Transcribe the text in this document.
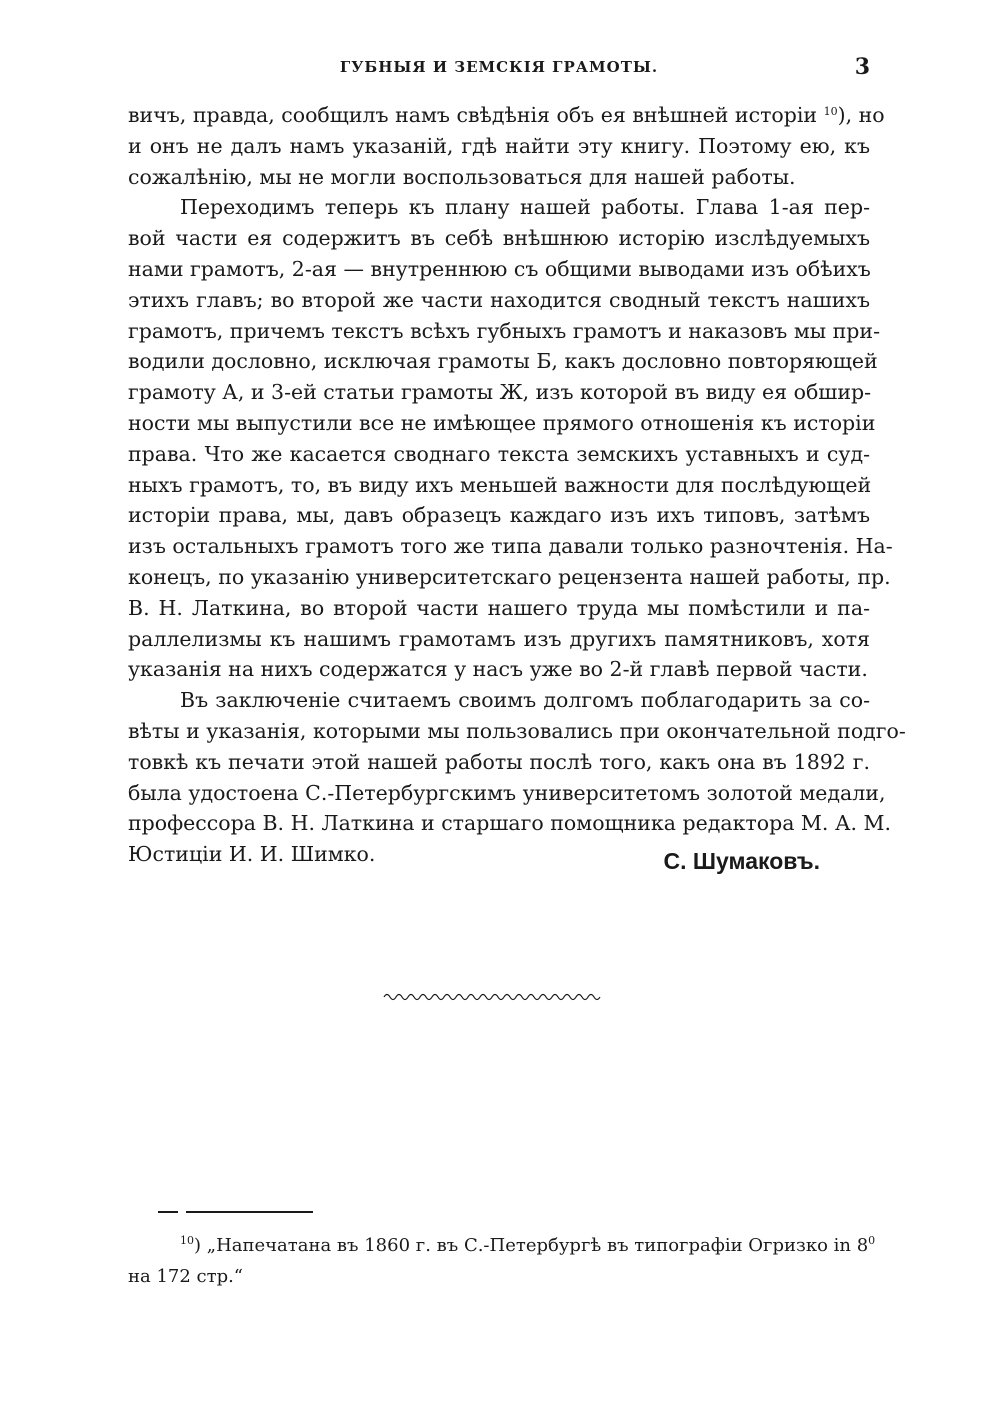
ГУБНЫЯ И ЗЕМСКІЯ ГРАМОТЫ.	3
вичъ, правда, сообщилъ намъ свѣдѣнія объ ея внѣшней исторіи $^{10}$), но
и онъ не далъ намъ указаній, гдѣ найти эту книгу. Поэтому ею, къ
сожалѣнію, мы не могли воспользоваться для нашей работы.
Переходимъ теперь къ плану нашей работы. Глава 1-ая пер-
вой части ея содержитъ въ себѣ внѣшнюю исторію изслѣдуемыхъ
нами грамотъ, 2-ая — внутреннюю съ общими выводами изъ обѣихъ
этихъ главъ; во второй же части находится сводный текстъ нашихъ
грамотъ, причемъ текстъ всѣхъ губныхъ грамотъ и наказовъ мы при-
водили дословно, исключая грамоты Б, какъ дословно повторяющей
грамоту А, и 3-ей статьи грамоты Ж, изъ которой въ виду ея обшир-
ности мы выпустили все не имѣющее прямого отношенія къ исторіи
права. Что же касается своднаго текста земскихъ уставныхъ и суд-
ныхъ грамотъ, то, въ виду ихъ меньшей важности для послѣдующей
исторіи права, мы, давъ образецъ каждаго изъ ихъ типовъ, затѣмъ
изъ остальныхъ грамотъ того же типа давали только разночтенія. На-
конецъ, по указанію университетскаго рецензента нашей работы, пр.
В. Н. Латкина, во второй части нашего труда мы помѣстили и па-
раллелизмы къ нашимъ грамотамъ изъ другихъ памятниковъ, хотя
указанія на нихъ содержатся у насъ уже во 2-й главѣ первой части.
Въ заключеніе считаемъ своимъ долгомъ поблагодарить за со-
вѣты и указанія, которыми мы пользовались при окончательной подго-
товкѣ къ печати этой нашей работы послѣ того, какъ она въ 1892 г.
была удостоена С.-Петербургскимъ университетомъ золотой медали,
профессора В. Н. Латкина и старшаго помощника редактора М. А. М.
Юстиціи И. И. Шимко.	С. Шумаковъ.
$^{10}$) „Напечатана въ 1860 г. въ С.-Петербургѣ въ типографіи Огризко in $8^0$
на 172 стр.“
